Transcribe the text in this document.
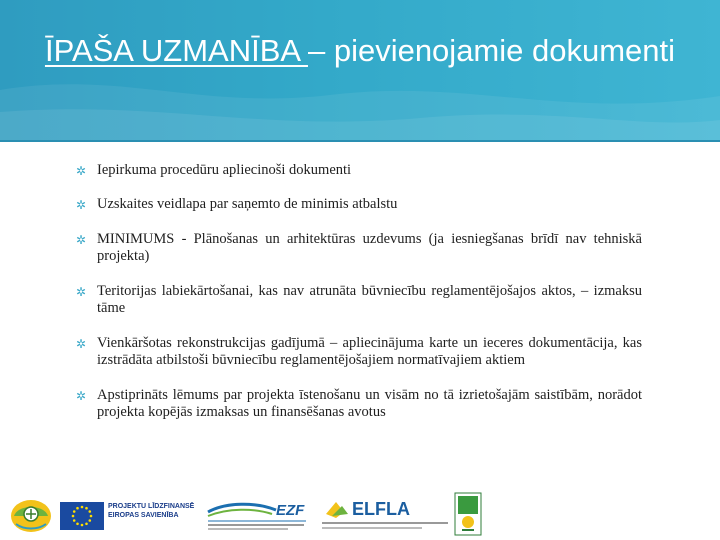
ĪPAŠA UZMANĪBA – pievienojamie dokumenti
✲ Iepirkuma procedūru apliecinoši dokumenti
✲ Uzskaites veidlapa par saņemto de minimis atbalstu
✲ MINIMUMS - Plānošanas un arhitektūras uzdevums (ja iesniegšanas brīdī nav tehniskā projekta)
✲ Teritorijas labiekārtošanai, kas nav atrunāta būvniecību reglamentējošajos aktos, – izmaksu tāme
✲ Vienkāršotas rekonstrukcijas gadījumā – apliecinājuma karte un ieceres dokumentācija, kas izstrādāta atbilstoši būvniecību reglamentējošajiem normatīvajiem aktiem
✲ Apstiprināts lēmums par projekta īstenošanu un visām no tā izrietošajām saistībām, norādot projekta kopējās izmaksas un finansēšanas avotus
PROJEKTU LĪDZFINANSĒ EIROPAS SAVIENĪBA	EZF	ELFLA
